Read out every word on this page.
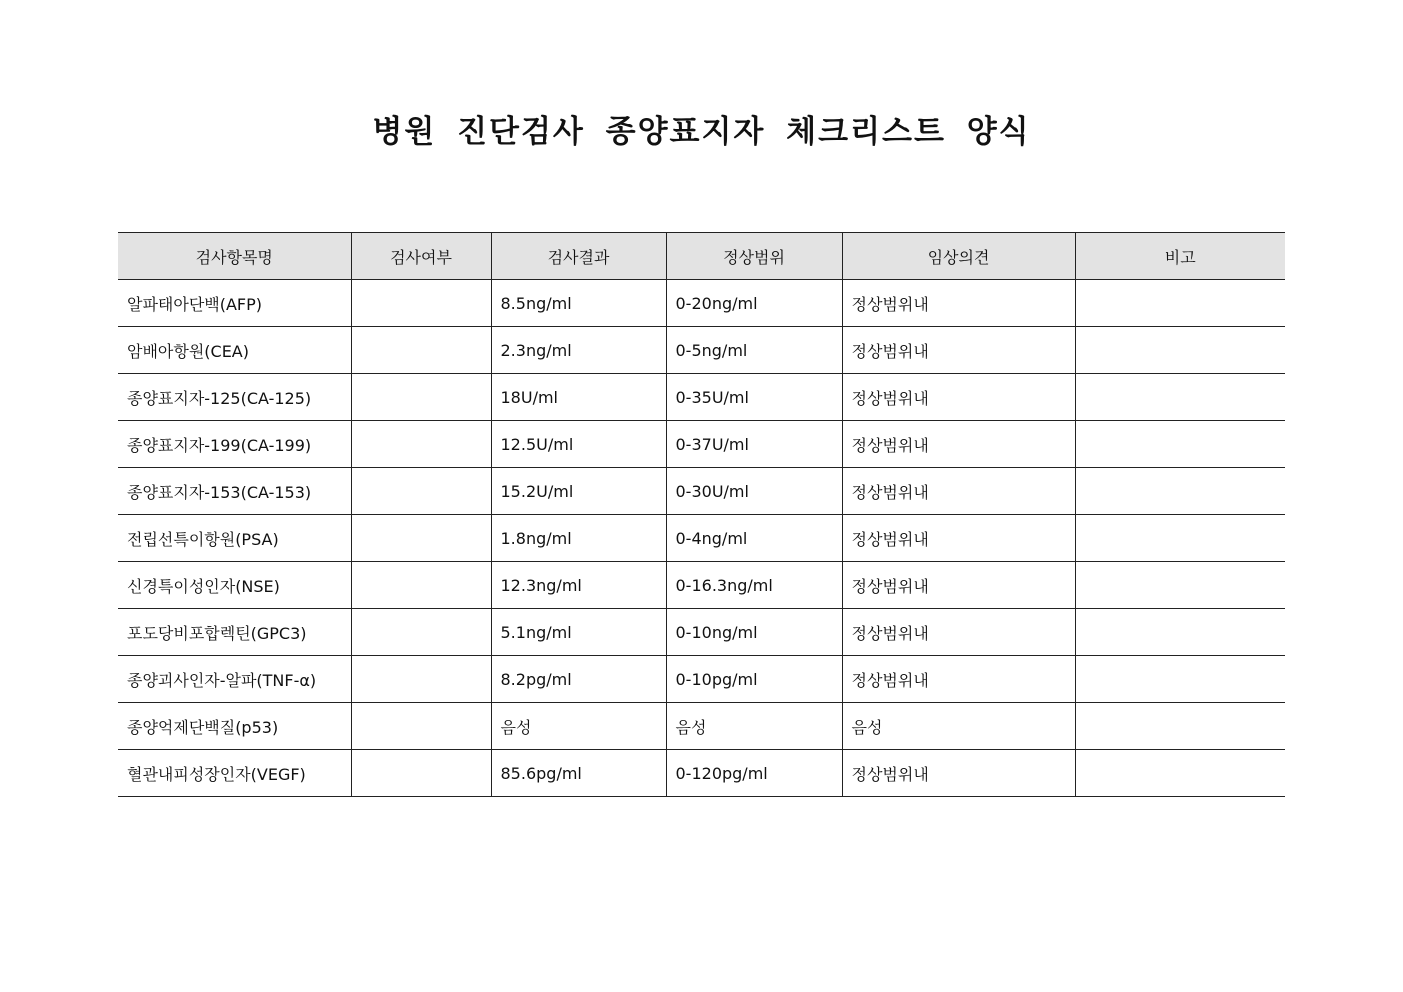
병원 진단검사 종양표지자 체크리스트 양식
검사항목명	검사여부	검사결과	정상범위	임상의견	비고
알파태아단백(AFP)		8.5ng/ml	0-20ng/ml	정상범위내	
암배아항원(CEA)		2.3ng/ml	0-5ng/ml	정상범위내	
종양표지자-125(CA-125)		18U/ml	0-35U/ml	정상범위내	
종양표지자-199(CA-199)		12.5U/ml	0-37U/ml	정상범위내	
종양표지자-153(CA-153)		15.2U/ml	0-30U/ml	정상범위내	
전립선특이항원(PSA)		1.8ng/ml	0-4ng/ml	정상범위내	
신경특이성인자(NSE)		12.3ng/ml	0-16.3ng/ml	정상범위내	
포도당비포합렉틴(GPC3)		5.1ng/ml	0-10ng/ml	정상범위내	
종양괴사인자-알파(TNF-α)		8.2pg/ml	0-10pg/ml	정상범위내	
종양억제단백질(p53)		음성	음성	음성	
혈관내피성장인자(VEGF)		85.6pg/ml	0-120pg/ml	정상범위내	
